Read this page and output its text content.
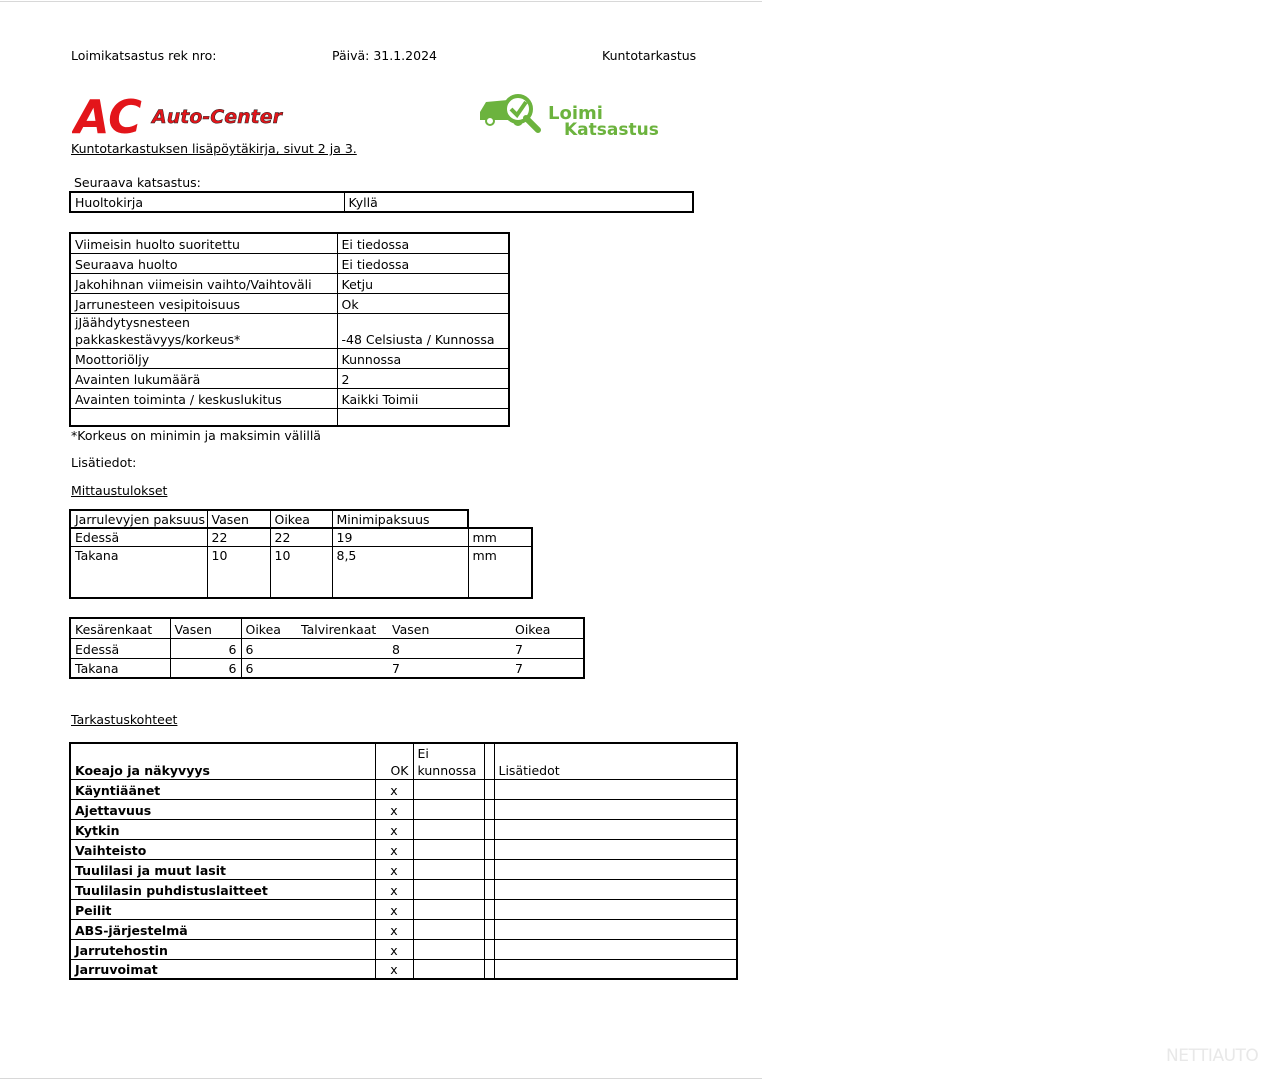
Loimikatsastus rek nro:	Päivä: 31.1.2024	Kuntotarkastus
AC Auto-Center	Loimi
Katsastus
Kuntotarkastuksen lisäpöytäkirja, sivut 2 ja 3.
Seuraava katsastus:
Huoltokirja	Kyllä
Viimeisin huolto suoritettu	Ei tiedossa
Seuraava huolto	Ei tiedossa
Jakohihnan viimeisin vaihto/Vaihtoväli	Ketju
Jarrunesteen vesipitoisuus	Ok
jJäähdytysnesteen pakkaskestävyys/korkeus*	-48 Celsiusta / Kunnossa
Moottoriöljy	Kunnossa
Avainten lukumäärä	2
Avainten toiminta / keskuslukitus	Kaikki Toimii

*Korkeus on minimin ja maksimin välillä
Lisätiedot:
Mittaustulokset
Jarrulevyjen paksuus	Vasen	Oikea	Minimipaksuus
Edessä	22	22	19	mm
Takana	10	10	8,5	mm
Kesärenkaat	Vasen	Oikea	Talvirenkaat	Vasen	Oikea
Edessä	6	6		8	7
Takana	6	6		7	7
Tarkastuskohteet
Koeajo ja näkyvyys	OK	Ei kunnossa		Lisätiedot
Käyntiäänet	x			
Ajettavuus	x			
Kytkin	x			
Vaihteisto	x			
Tuulilasi ja muut lasit	x			
Tuulilasin puhdistuslaitteet	x			
Peilit	x			
ABS-järjestelmä	x			
Jarrutehostin	x			
Jarruvoimat	x			
NETTIAUTO
